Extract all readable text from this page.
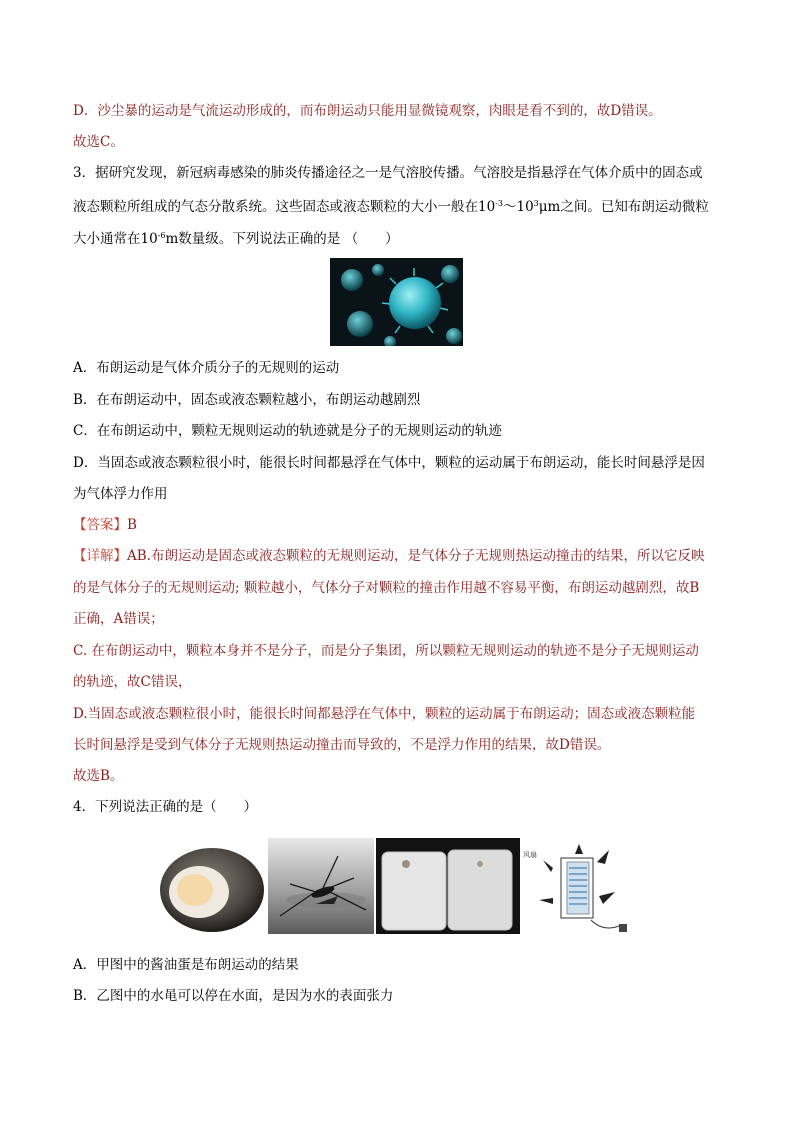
D．沙尘暴的运动是气流运动形成的，而布朗运动只能用显微镜观察，肉眼是看不到的，故D错误。
故选C。
3．据研究发现，新冠病毒感染的肺炎传播途径之一是气溶胶传播。气溶胶是指悬浮在气体介质中的固态或
液态颗粒所组成的气态分散系统。这些固态或液态颗粒的大小一般在$10^{-3}\sim 10^3\mu m$之间。已知布朗运动微粒
大小通常在$10^{-6}m$数量级。下列说法正确的是 （　　）
A．布朗运动是气体介质分子的无规则的运动
B．在布朗运动中，固态或液态颗粒越小，布朗运动越剧烈
C．在布朗运动中，颗粒无规则运动的轨迹就是分子的无规则运动的轨迹
D．当固态或液态颗粒很小时，能很长时间都悬浮在气体中，颗粒的运动属于布朗运动，能长时间悬浮是因
为气体浮力作用
【答案】B
【详解】AB.布朗运动是固态或液态颗粒的无规则运动，是气体分子无规则热运动撞击的结果，所以它反映
的是气体分子的无规则运动; 颗粒越小，气体分子对颗粒的撞击作用越不容易平衡，布朗运动越剧烈，故B
正确，A错误；
C. 在布朗运动中，颗粒本身并不是分子，而是分子集团，所以颗粒无规则运动的轨迹不是分子无规则运动
的轨迹，故C错误，
D.当固态或液态颗粒很小时，能很长时间都悬浮在气体中，颗粒的运动属于布朗运动；固态或液态颗粒能
长时间悬浮是受到气体分子无规则热运动撞击而导致的，不是浮力作用的结果，故D错误。
故选B。
4．下列说法正确的是（　　）
风扇
A．甲图中的酱油蛋是布朗运动的结果
B．乙图中的水黾可以停在水面，是因为水的表面张力
